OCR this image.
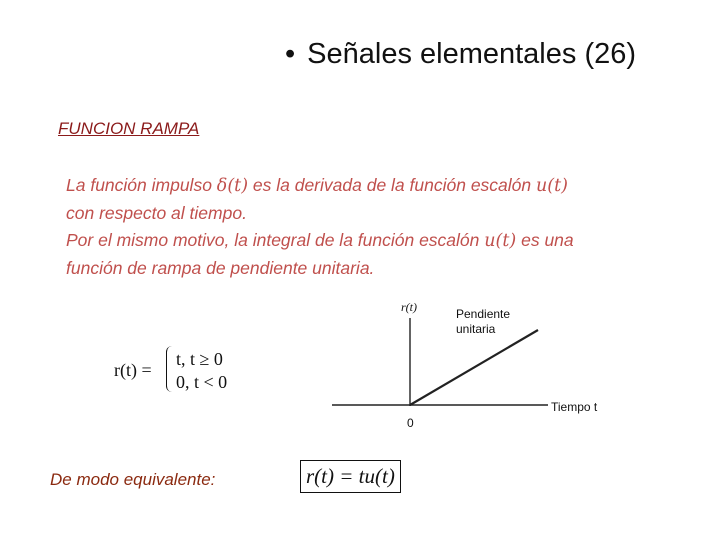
• Señales elementales (26)
FUNCION RAMPA
La función impulso δ(t) es la derivada de la función escalón u(t)
con respecto al tiempo.
Por el mismo motivo, la integral de la función escalón u(t) es una
función de rampa de pendiente unitaria.
r(t) =
t, t ≥ 0
0, t < 0
r(t)	Pendiente
unitaria
Tiempo t
0
De modo equivalente:	r(t) = tu(t)
